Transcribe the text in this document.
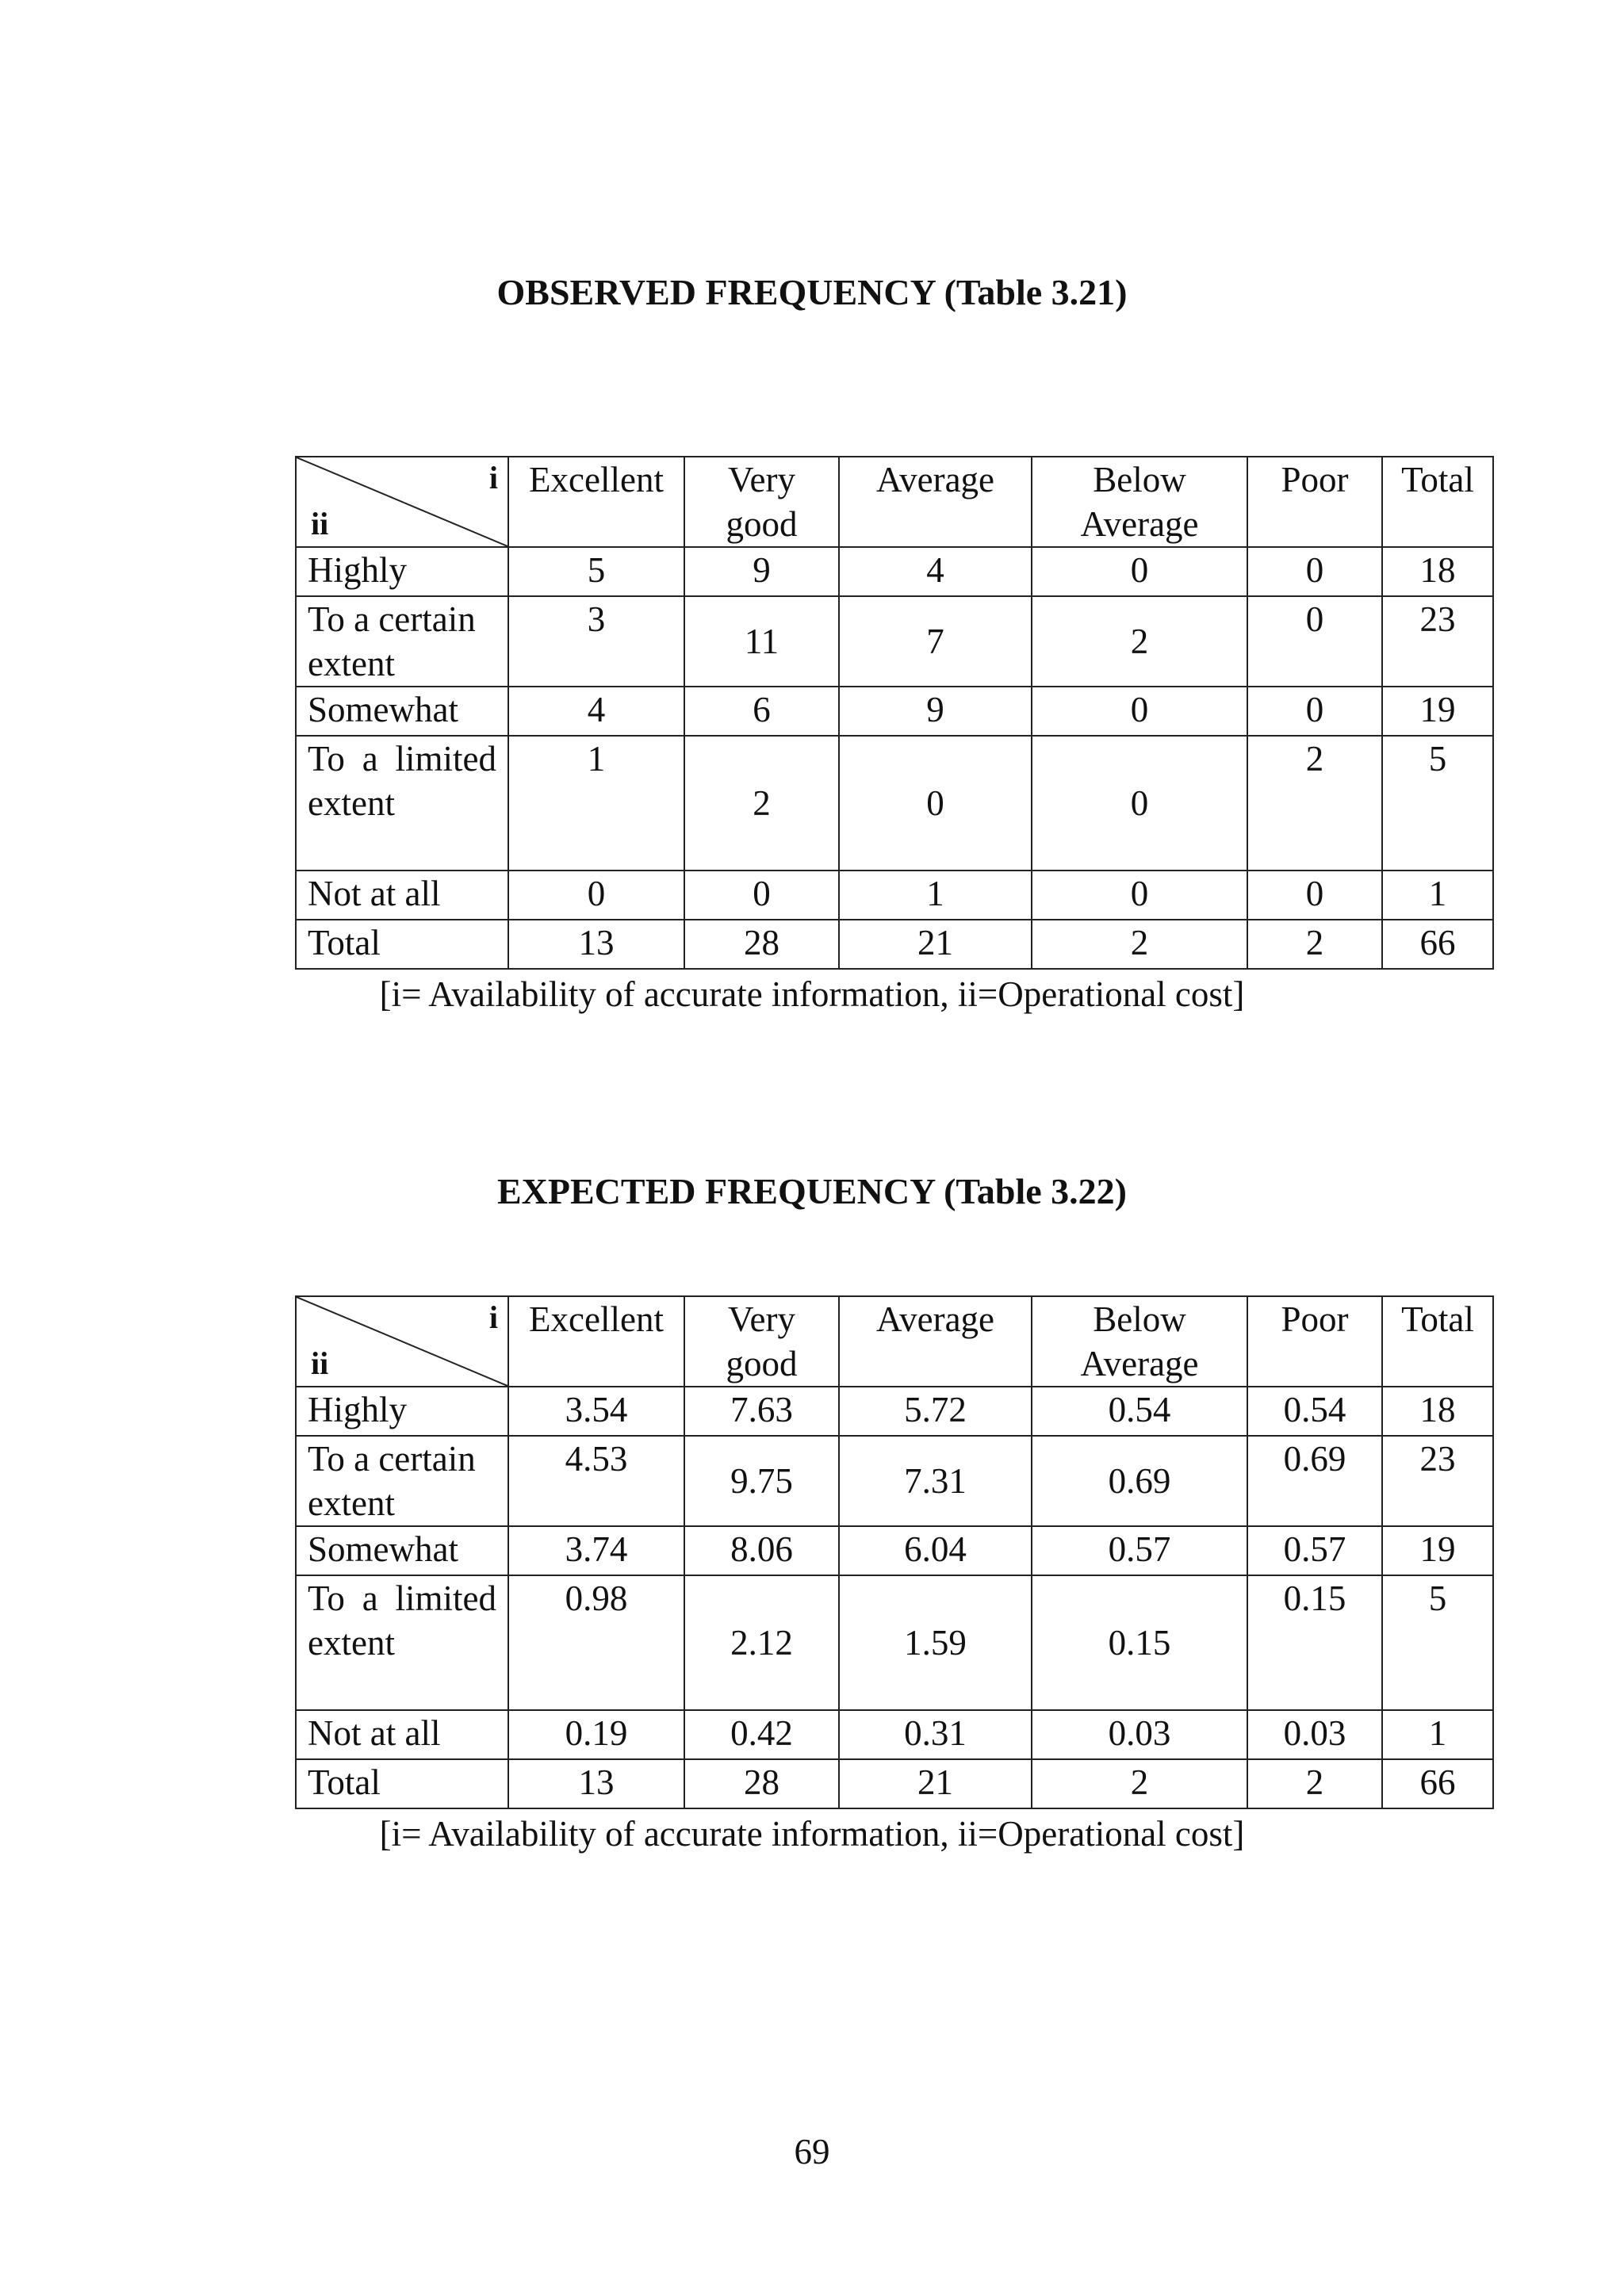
OBSERVED FREQUENCY (Table 3.21)
i
ii	Excellent	Very good	Average	Below Average	Poor	Total
Highly	5	9	4	0	0	18
To a certain extent	3	11	7	2	0	23
Somewhat	4	6	9	0	0	19
To a limited extent	1	2	0	0	2	5
Not at all	0	0	1	0	0	1
Total	13	28	21	2	2	66
[i= Availability of accurate information, ii=Operational cost]
EXPECTED FREQUENCY (Table 3.22)
i
ii	Excellent	Very good	Average	Below Average	Poor	Total
Highly	3.54	7.63	5.72	0.54	0.54	18
To a certain extent	4.53	9.75	7.31	0.69	0.69	23
Somewhat	3.74	8.06	6.04	0.57	0.57	19
To a limited extent	0.98	2.12	1.59	0.15	0.15	5
Not at all	0.19	0.42	0.31	0.03	0.03	1
Total	13	28	21	2	2	66
[i= Availability of accurate information, ii=Operational cost]
69
